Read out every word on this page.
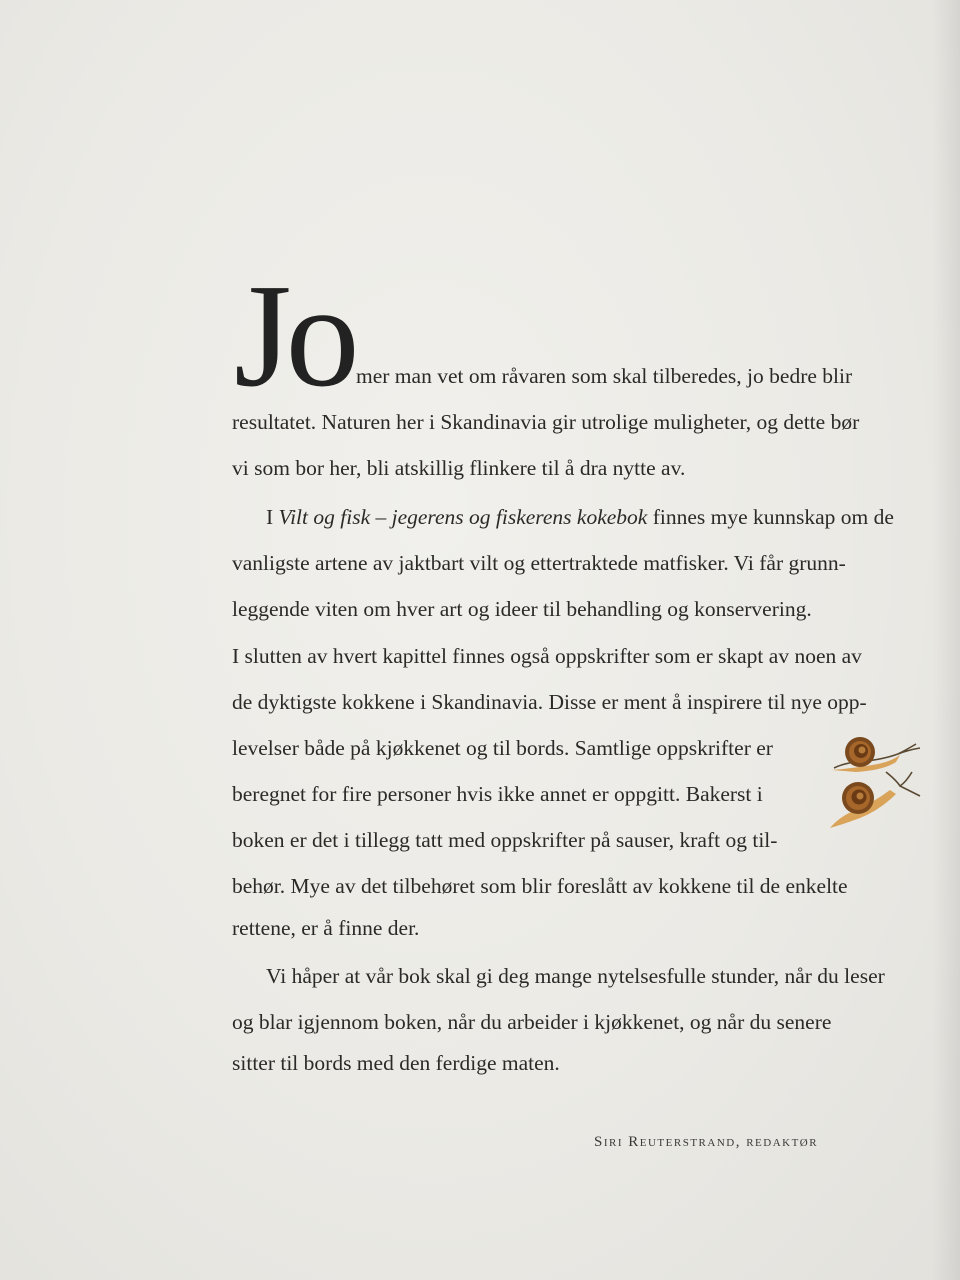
Jo mer man vet om råvaren som skal tilberedes, jo bedre blir
resultatet. Naturen her i Skandinavia gir utrolige muligheter, og dette bør
vi som bor her, bli atskillig flinkere til å dra nytte av.
I Vilt og fisk – jegerens og fiskerens kokebok finnes mye kunnskap om de
vanligste artene av jaktbart vilt og ettertraktede matfisker. Vi får grunn-
leggende viten om hver art og ideer til behandling og konservering.
I slutten av hvert kapittel finnes også oppskrifter som er skapt av noen av
de dyktigste kokkene i Skandinavia. Disse er ment å inspirere til nye opp-
levelser både på kjøkkenet og til bords. Samtlige oppskrifter er
beregnet for fire personer hvis ikke annet er oppgitt. Bakerst i
boken er det i tillegg tatt med oppskrifter på sauser, kraft og til-
behør. Mye av det tilbehøret som blir foreslått av kokkene til de enkelte
rettene, er å finne der.
Vi håper at vår bok skal gi deg mange nytelsesfulle stunder, når du leser
og blar igjennom boken, når du arbeider i kjøkkenet, og når du senere
sitter til bords med den ferdige maten.
Siri Reuterstrand, redaktør
